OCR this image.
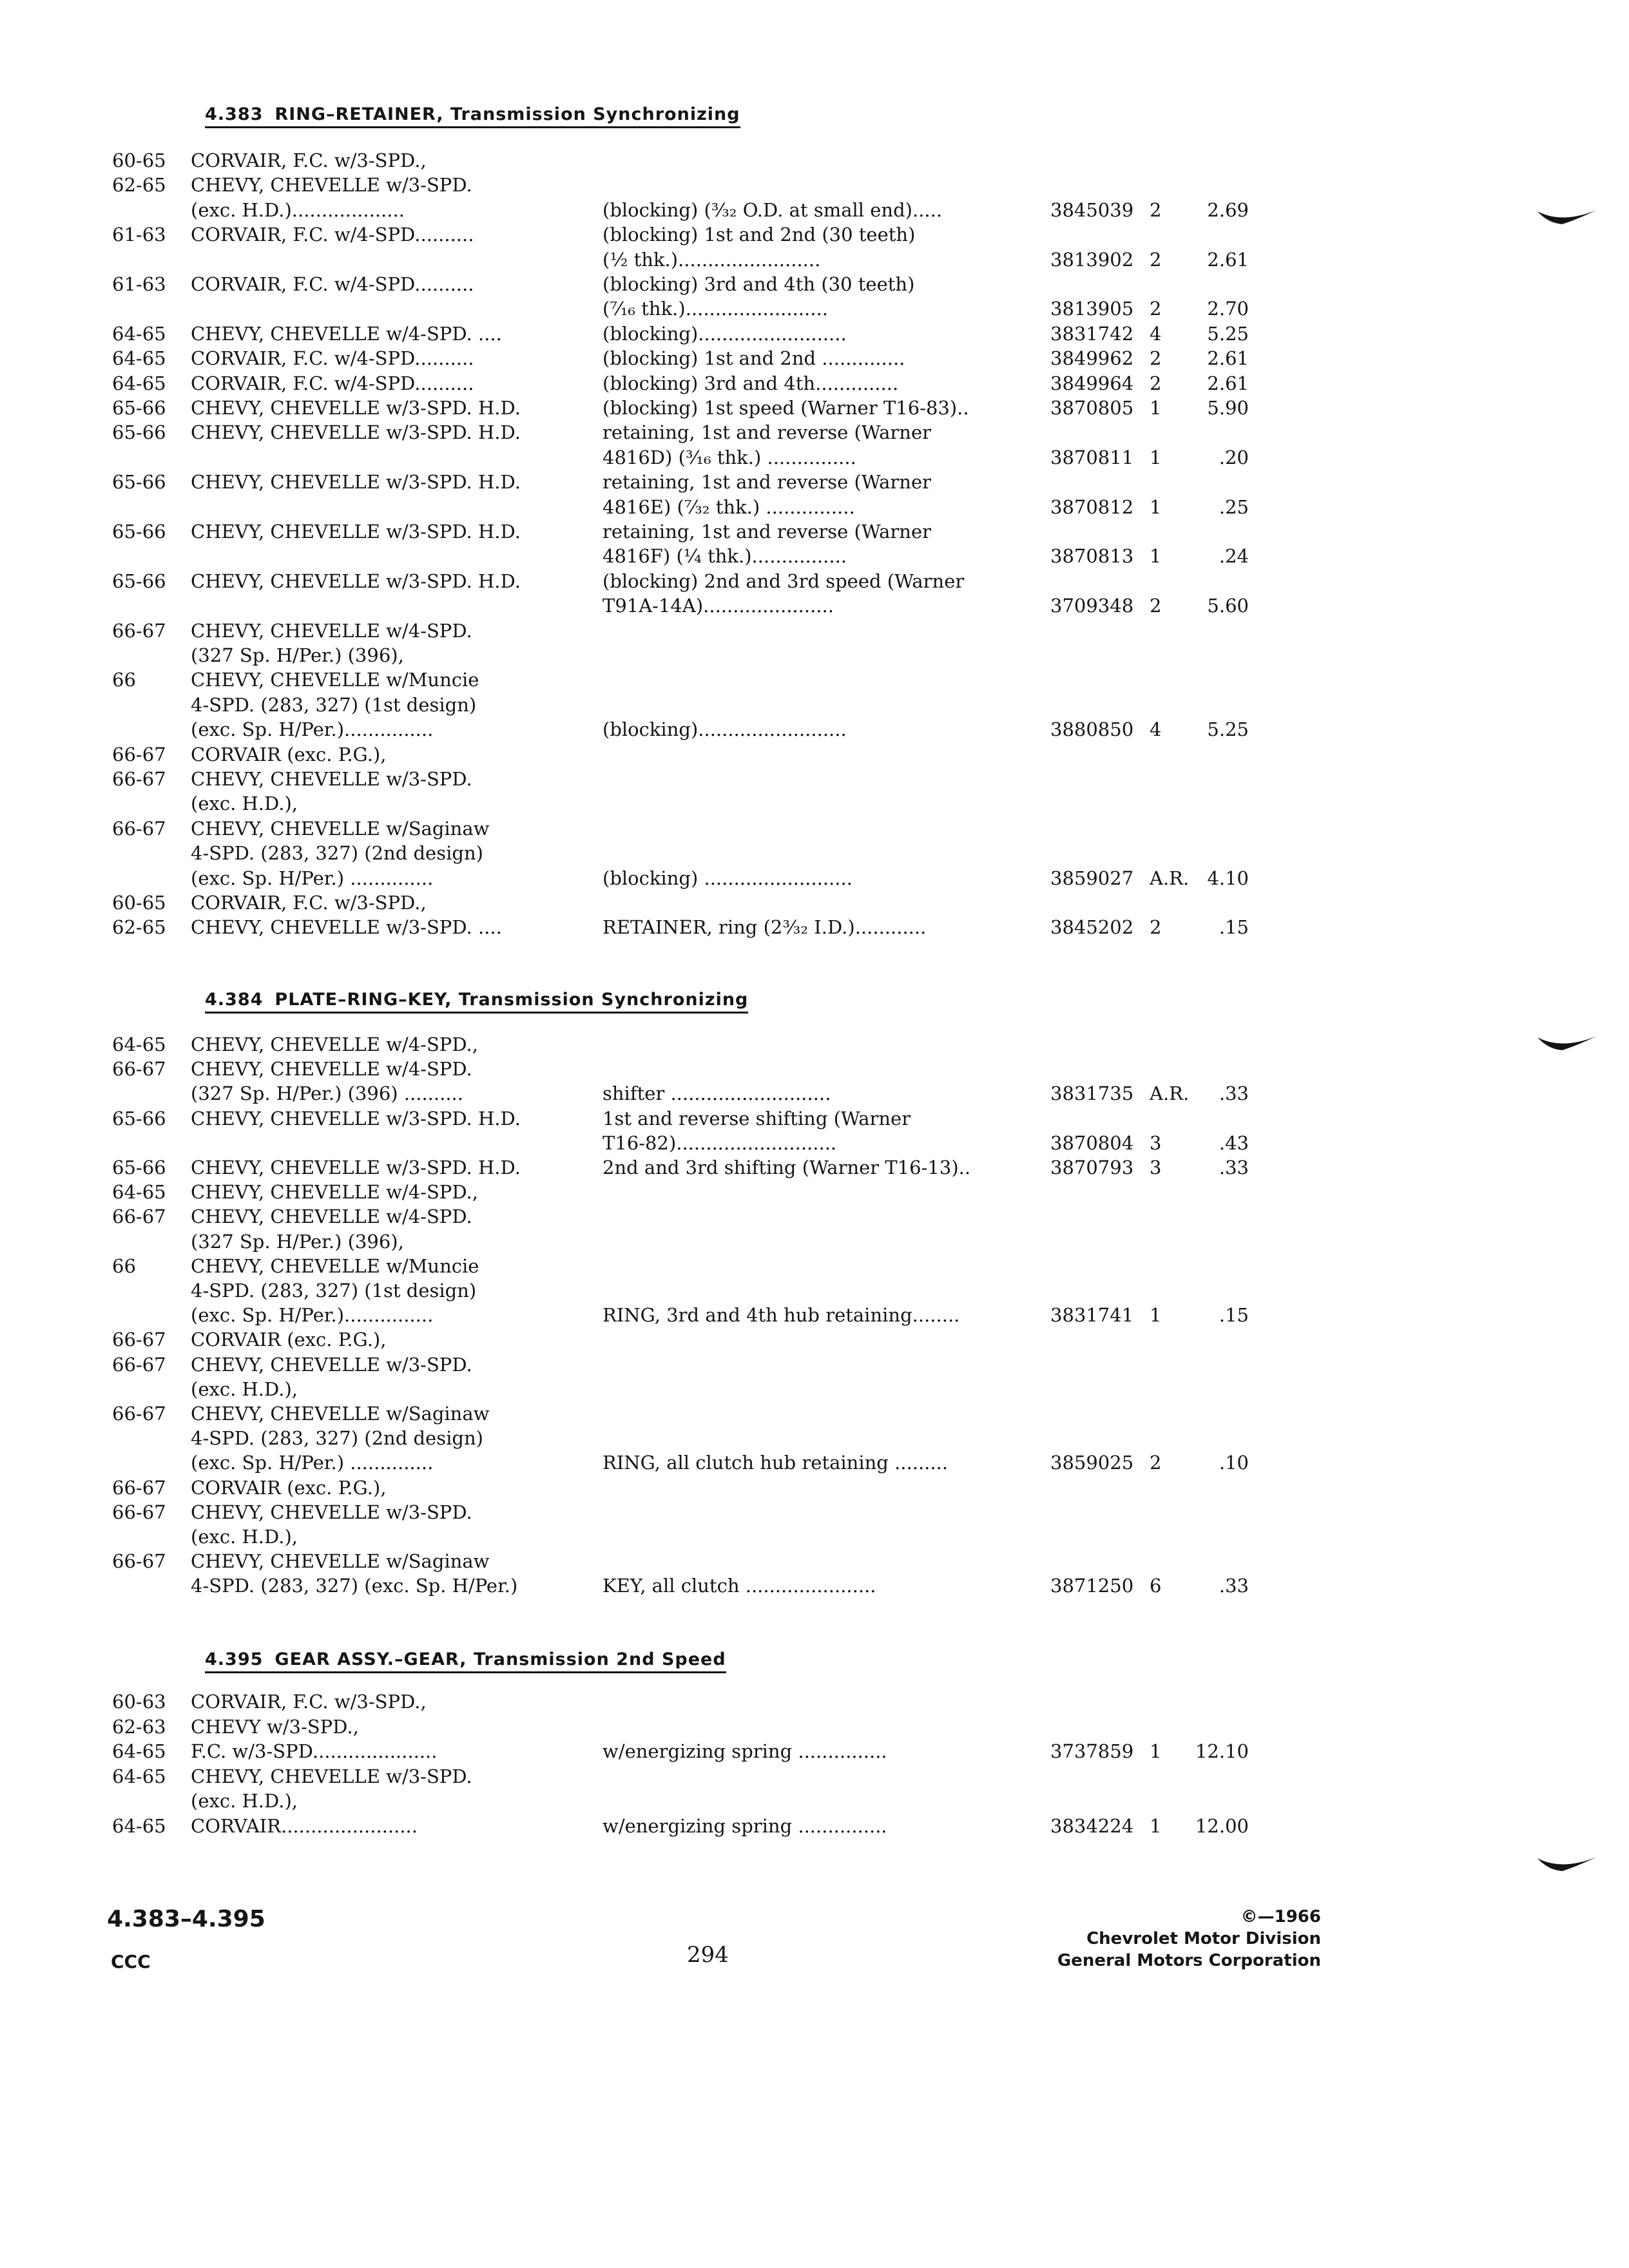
4.383 RING–RETAINER, Transmission Synchronizing
60-65 CORVAIR, F.C. w/3-SPD.,
62-65 CHEVY, CHEVELLE w/3-SPD.
(exc. H.D.)...................	(blocking) (³⁄₃₂ O.D. at small end).....	3845039 2 2.69
61-63 CORVAIR, F.C. w/4-SPD..........	(blocking) 1st and 2nd (30 teeth)
(½ thk.)........................	3813902 2 2.61
61-63 CORVAIR, F.C. w/4-SPD..........	(blocking) 3rd and 4th (30 teeth)
(⁷⁄₁₆ thk.)........................	3813905 2 2.70
64-65 CHEVY, CHEVELLE w/4-SPD. ....	(blocking).........................	3831742 4 5.25
64-65 CORVAIR, F.C. w/4-SPD..........	(blocking) 1st and 2nd ..............	3849962 2 2.61
64-65 CORVAIR, F.C. w/4-SPD..........	(blocking) 3rd and 4th..............	3849964 2 2.61
65-66 CHEVY, CHEVELLE w/3-SPD. H.D.	(blocking) 1st speed (Warner T16-83)..	3870805 1 5.90
65-66 CHEVY, CHEVELLE w/3-SPD. H.D.	retaining, 1st and reverse (Warner
4816D) (³⁄₁₆ thk.) ...............	3870811 1	.20
65-66 CHEVY, CHEVELLE w/3-SPD. H.D.	retaining, 1st and reverse (Warner
4816E) (⁷⁄₃₂ thk.) ...............	3870812 1	.25
65-66 CHEVY, CHEVELLE w/3-SPD. H.D.	retaining, 1st and reverse (Warner
4816F) (¼ thk.)................	3870813 1	.24
65-66 CHEVY, CHEVELLE w/3-SPD. H.D.	(blocking) 2nd and 3rd speed (Warner
T91A-14A)......................	3709348 2 5.60
66-67 CHEVY, CHEVELLE w/4-SPD.
(327 Sp. H/Per.) (396),
66	CHEVY, CHEVELLE w/Muncie
4-SPD. (283, 327) (1st design)
(exc. Sp. H/Per.)...............	(blocking).........................	3880850 4 5.25
66-67 CORVAIR (exc. P.G.),
66-67 CHEVY, CHEVELLE w/3-SPD.
(exc. H.D.),
66-67 CHEVY, CHEVELLE w/Saginaw
4-SPD. (283, 327) (2nd design)
(exc. Sp. H/Per.) ..............	(blocking) .........................	3859027 A.R. 4.10
60-65 CORVAIR, F.C. w/3-SPD.,
62-65 CHEVY, CHEVELLE w/3-SPD. ....	RETAINER, ring (2³⁄₃₂ I.D.)............	3845202 2	.15
4.384 PLATE–RING–KEY, Transmission Synchronizing
64-65 CHEVY, CHEVELLE w/4-SPD.,
66-67 CHEVY, CHEVELLE w/4-SPD.
(327 Sp. H/Per.) (396) ..........	shifter ...........................	3831735 A.R. .33
65-66 CHEVY, CHEVELLE w/3-SPD. H.D.	1st and reverse shifting (Warner
T16-82)...........................	3870804 3	.43
65-66 CHEVY, CHEVELLE w/3-SPD. H.D.	2nd and 3rd shifting (Warner T16-13)..	3870793 3	.33
64-65 CHEVY, CHEVELLE w/4-SPD.,
66-67 CHEVY, CHEVELLE w/4-SPD.
(327 Sp. H/Per.) (396),
66	CHEVY, CHEVELLE w/Muncie
4-SPD. (283, 327) (1st design)
(exc. Sp. H/Per.)...............	RING, 3rd and 4th hub retaining........	3831741 1	.15
66-67 CORVAIR (exc. P.G.),
66-67 CHEVY, CHEVELLE w/3-SPD.
(exc. H.D.),
66-67 CHEVY, CHEVELLE w/Saginaw
4-SPD. (283, 327) (2nd design)
(exc. Sp. H/Per.) ..............	RING, all clutch hub retaining .........	3859025 2	.10
66-67 CORVAIR (exc. P.G.),
66-67 CHEVY, CHEVELLE w/3-SPD.
(exc. H.D.),
66-67 CHEVY, CHEVELLE w/Saginaw
4-SPD. (283, 327) (exc. Sp. H/Per.)	KEY, all clutch ......................	3871250 6	.33
4.395 GEAR ASSY.–GEAR, Transmission 2nd Speed
60-63 CORVAIR, F.C. w/3-SPD.,
62-63 CHEVY w/3-SPD.,
64-65 F.C. w/3-SPD.....................	w/energizing spring ...............	3737859 1 12.10
64-65 CHEVY, CHEVELLE w/3-SPD.
(exc. H.D.),
64-65 CORVAIR.......................	w/energizing spring ...............	3834224 1 12.00
4.383–4.395
CCC	294
©—1966
Chevrolet Motor Division
General Motors Corporation
